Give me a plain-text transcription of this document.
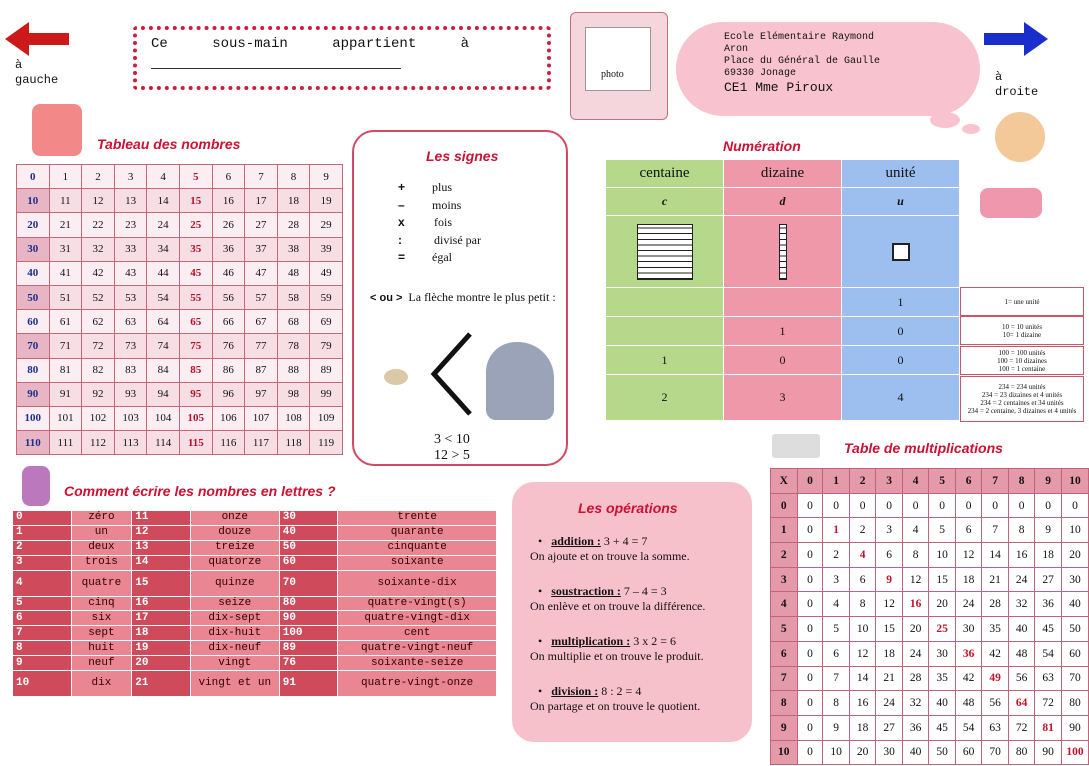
à
gauche	à
droite
Ce sous-main appartient à
photo
Ecole Elémentaire Raymond
Aron
Place du Général de Gaulle
69330 Jonage
CE1 Mme Piroux
Tableau des nombres
0	1	2	3	4	5	6	7	8	9
10	11	12	13	14	15	16	17	18	19
20	21	22	23	24	25	26	27	28	29
30	31	32	33	34	35	36	37	38	39
40	41	42	43	44	45	46	47	48	49
50	51	52	53	54	55	56	57	58	59
60	61	62	63	64	65	66	67	68	69
70	71	72	73	74	75	76	77	78	79
80	81	82	83	84	85	86	87	88	89
90	91	92	93	94	95	96	97	98	99
100	101	102	103	104	105	106	107	108	109
110	111	112	113	114	115	116	117	118	119
Les signes
+ plus
– moins
x fois
:	divisé par
= égal
< ou > La flèche montre le plus petit :
3 < 10
12 > 5
Numération
centaine	dizaine	unité
c	d	u

		1
	1	0
1	0	0
2	3	4
Comment écrire les nombres en lettres ?
0	zéro	11	onze	30	trente
1	un	12	douze	40	quarante
2	deux	13	treize	50	cinquante
3	trois	14	quatorze	60	soixante
4	quatre	15	quinze	70	soixante-dix
5	cinq	16	seize	80	quatre-vingt(s)
6	six	17	dix-sept	90	quatre-vingt-dix
7	sept	18	dix-huit	100	cent
8	huit	19	dix-neuf	89	quatre-vingt-neuf
9	neuf	20	vingt	76	soixante-seize
10	dix	21	vingt et un	91	quatre-vingt-onze
Les opérations
• addition : 3 + 4 = 7
On ajoute et on trouve la somme.
• soustraction : 7 – 4 = 3
On enlève et on trouve la différence.
• multiplication : 3 x 2 = 6
On multiplie et on trouve le produit.
• division : 8 : 2 = 4
On partage et on trouve le quotient.
Table de multiplications
X	0	1	2	3	4	5	6	7	8	9	10
0	0	0	0	0	0	0	0	0	0	0	0
1	0	1	2	3	4	5	6	7	8	9	10
2	0	2	4	6	8	10	12	14	16	18	20
3	0	3	6	9	12	15	18	21	24	27	30
4	0	4	8	12	16	20	24	28	32	36	40
5	0	5	10	15	20	25	30	35	40	45	50
6	0	6	12	18	24	30	36	42	48	54	60
7	0	7	14	21	28	35	42	49	56	63	70
8	0	8	16	24	32	40	48	56	64	72	80
9	0	9	18	27	36	45	54	63	72	81	90
10	0	10	20	30	40	50	60	70	80	90	100
1= une unité
10 = 10 unités
10= 1 dizaine
100 = 100 unités
100 = 10 dizaines
100 = 1 centaine
234 = 234 unités
234 = 23 dizaines et 4 unités
234 = 2 centaines et 34 unités
234 = 2 centaine, 3 dizaines et 4 unités
